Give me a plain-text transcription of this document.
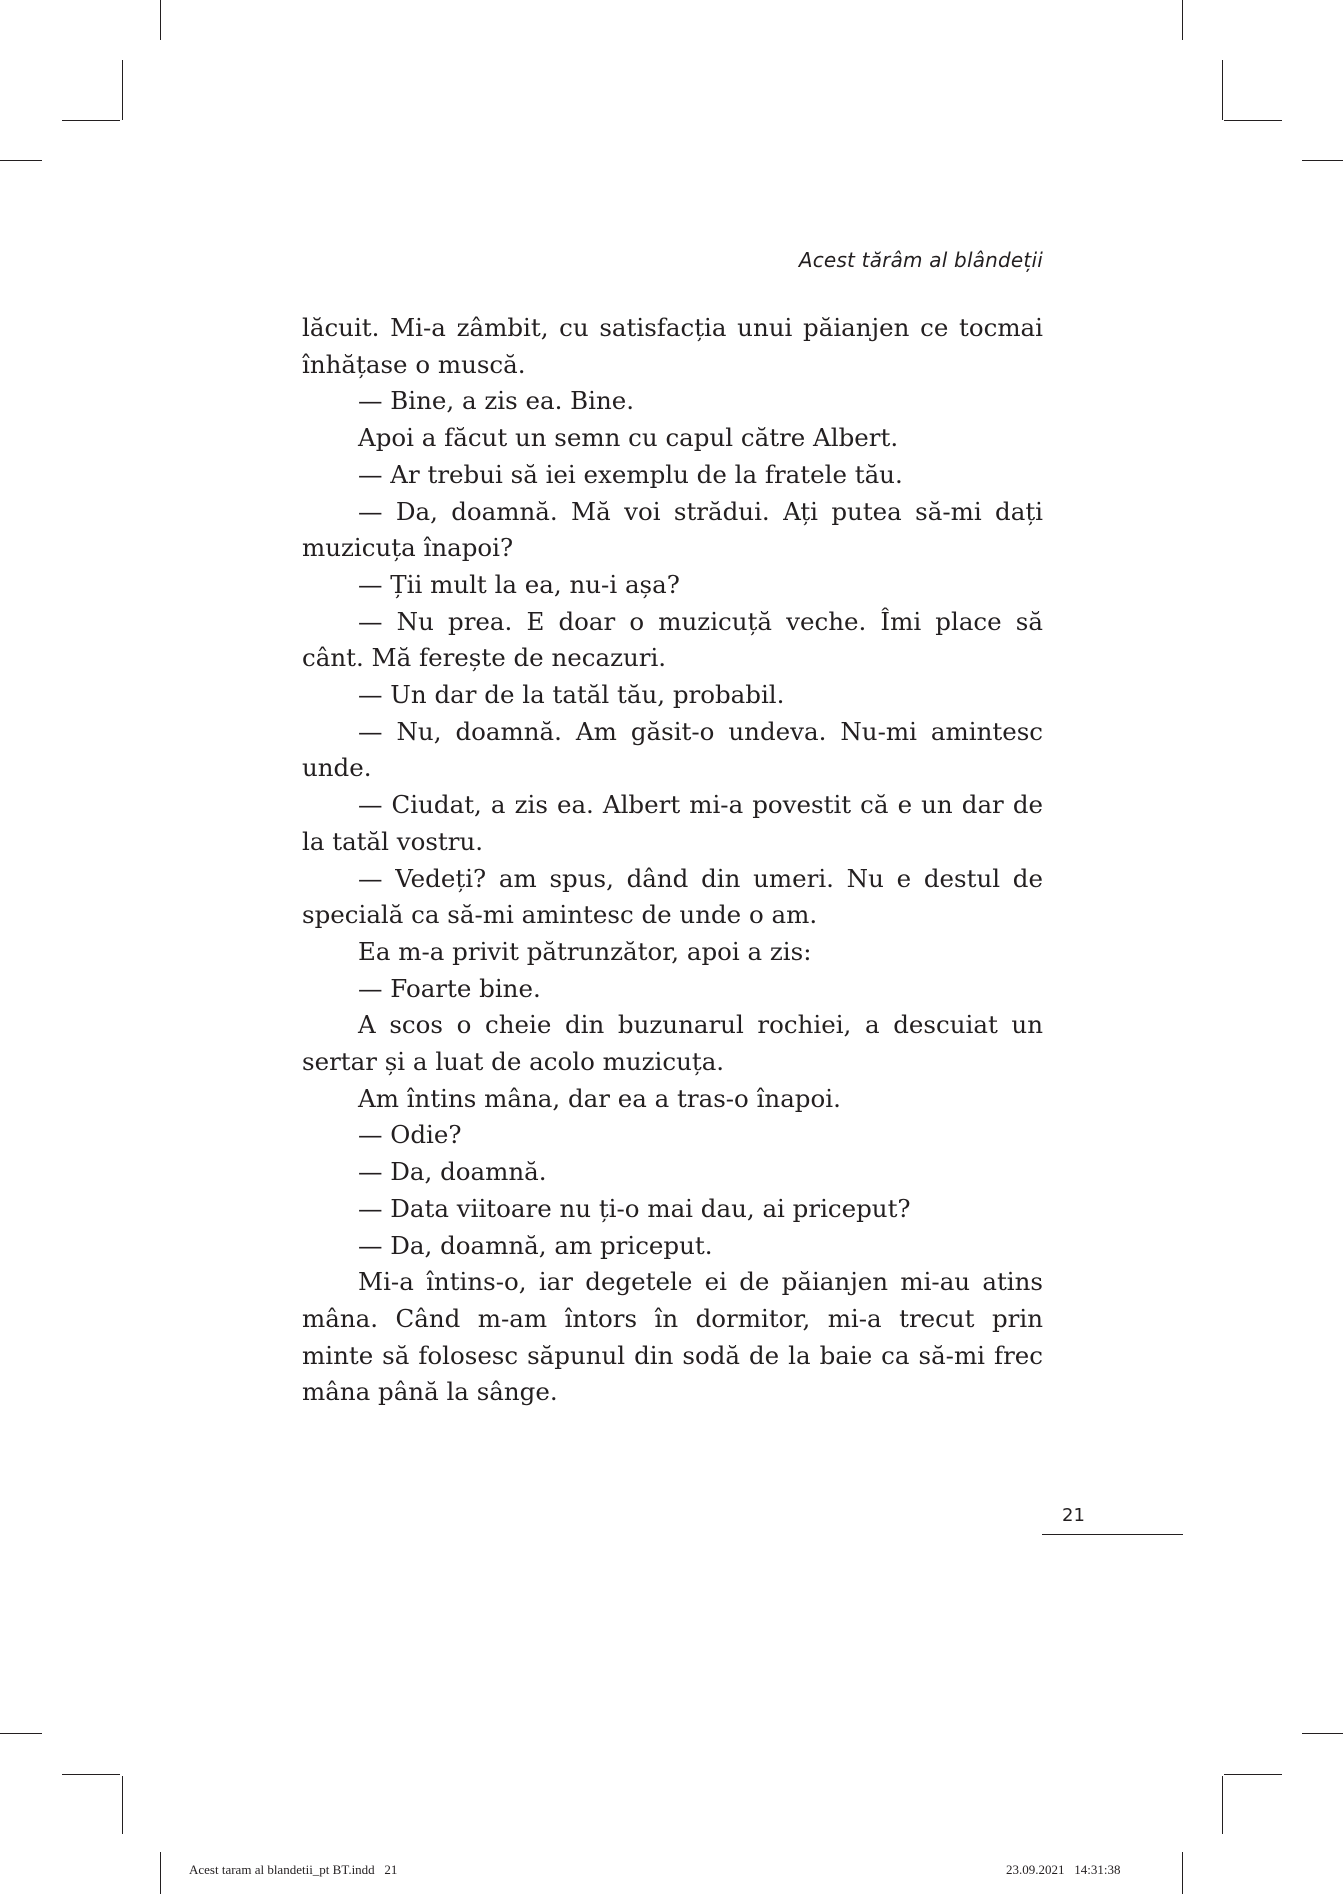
Acest tărâm al blândeții

lăcuit. Mi-a zâmbit, cu satisfacția unui păianjen ce tocmai înhățase o muscă.

— Bine, a zis ea. Bine.

Apoi a făcut un semn cu capul către Albert.

— Ar trebui să iei exemplu de la fratele tău.

— Da, doamnă. Mă voi strădui. Ați putea să-mi dați muzicuța înapoi?

— Ții mult la ea, nu-i așa?

— Nu prea. E doar o muzicuță veche. Îmi place să cânt. Mă ferește de necazuri.

— Un dar de la tatăl tău, probabil.

— Nu, doamnă. Am găsit-o undeva. Nu-mi amintesc unde.

— Ciudat, a zis ea. Albert mi-a povestit că e un dar de la tatăl vostru.

— Vedeți? am spus, dând din umeri. Nu e destul de specială ca să-mi amintesc de unde o am.

Ea m-a privit pătrunzător, apoi a zis:

— Foarte bine.

A scos o cheie din buzunarul rochiei, a descuiat un sertar și a luat de acolo muzicuța.

Am întins mâna, dar ea a tras-o înapoi.

— Odie?

— Da, doamnă.

— Data viitoare nu ți-o mai dau, ai priceput?

— Da, doamnă, am priceput.

Mi-a întins-o, iar degetele ei de păianjen mi-au atins mâna. Când m-am întors în dormitor, mi-a trecut prin minte să folosesc săpunul din sodă de la baie ca să-mi frec mâna până la sânge.

21
Acest taram al blandetii_pt BT.indd   21	23.09.2021   14:31:38
